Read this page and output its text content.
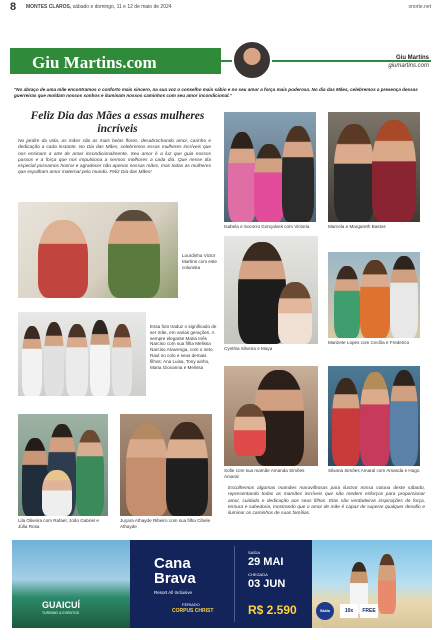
8 MONTES CLAROS, sábado e domingo, 11 e 12 de maio de 2024	onorte.net
Giu Martins.com	Giu Martins
giumartins.com
"No abraço de uma mãe encontramos o conforto mais sincero, na sua voz o conselho mais sábio e no seu amor a força mais poderosa. No dia das Mães, celebremos a presença dessas guerreiras que moldam nossos sonhos e iluminam nossos caminhos com seu amor incondicional."
Feliz Dia das Mães a essas mulheres incríveis
No jardim da vida, as mães são as mais belas flores, desabrochando amor, carinho e dedicação a cada instante. No Dia das Mães, celebremos essas mulheres incríveis que nos ensinam a arte de amar incondicionalmente. Seu amor é a luz que guia nossos passos e a força que nos impulsiona a sermos melhores a cada dia. Que nesse dia especial possamos honrar e agradecer não apenas nossas mães, mas todas as mulheres que espalham amor maternal pelo mundo. Feliz Dia das Mães!
Lourdinha Victor Martins com este colunista
Essa foto traduz o significado de ser mãe, em varias gerações. A sempre elegante Maria Inês Narciso com sua filha Melissa Narciso Alvarenga, com o neto Raul no colo e seus demais filhos: Ana Luisa, Tony ainho, Maria Giovanna e Melissa
Lila Oliveira com Rafael, João Gabriel e Júlia Rosa
Juçara Athayde Ribeiro com sua filha Cibele Athayde
Isabela e Socorro Gonçalves com Victoria	Marcela e Margareth Bastos
Cynthia Silveira e Maya
Marizete Lopes com Cecília e Frederico
Sofie com sua mamãe Amanda Simões Amaral
Silvana Simões Amaral com Amanda e Hugo
Escolhemos algumas mamães maravilhosas para ilustrar nossa coluna deste sábado, representando todas as mamães incríveis que não medem esforços para proporcionar amor, cuidado e dedicação aos seus filhos. Elas são verdadeiras inspirações de força, ternura e sabedoria, mostrando que o amor de mãe é capaz de superar qualquer desafio e iluminar os caminhos de suas famílias.
GUAICUÍ
TURISMO & EVENTOS
Cana
Brava
Resort All Inclusive
FERIADO
CORPUS CHRIST
SAÍDA
29 MAI
CHEGADA
03 JUN
R$ 2.590	Bahia Viagens
10x	FREE
